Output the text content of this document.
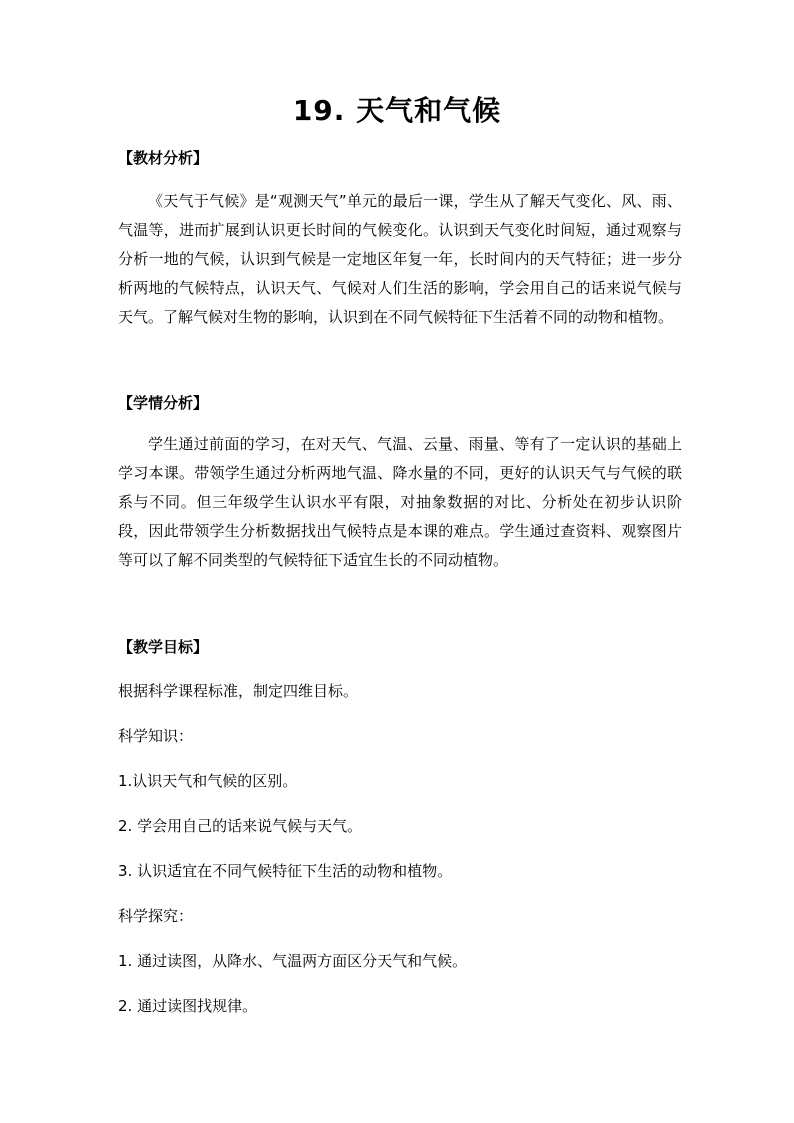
19. 天气和气候
【教材分析】
《天气于气候》是“观测天气”单元的最后一课，学生从了解天气变化、风、雨、气温等，进而扩展到认识更长时间的气候变化。认识到天气变化时间短，通过观察与分析一地的气候，认识到气候是一定地区年复一年，长时间内的天气特征；进一步分析两地的气候特点，认识天气、气候对人们生活的影响，学会用自己的话来说气候与天气。了解气候对生物的影响，认识到在不同气候特征下生活着不同的动物和植物。
【学情分析】
学生通过前面的学习，在对天气、气温、云量、雨量、等有了一定认识的基础上学习本课。带领学生通过分析两地气温、降水量的不同，更好的认识天气与气候的联系与不同。但三年级学生认识水平有限，对抽象数据的对比、分析处在初步认识阶段，因此带领学生分析数据找出气候特点是本课的难点。学生通过查资料、观察图片等可以了解不同类型的气候特征下适宜生长的不同动植物。
【教学目标】
根据科学课程标准，制定四维目标。
科学知识：
1.认识天气和气候的区别。
2. 学会用自己的话来说气候与天气。
3. 认识适宜在不同气候特征下生活的动物和植物。
科学探究：
1. 通过读图，从降水、气温两方面区分天气和气候。
2. 通过读图找规律。
